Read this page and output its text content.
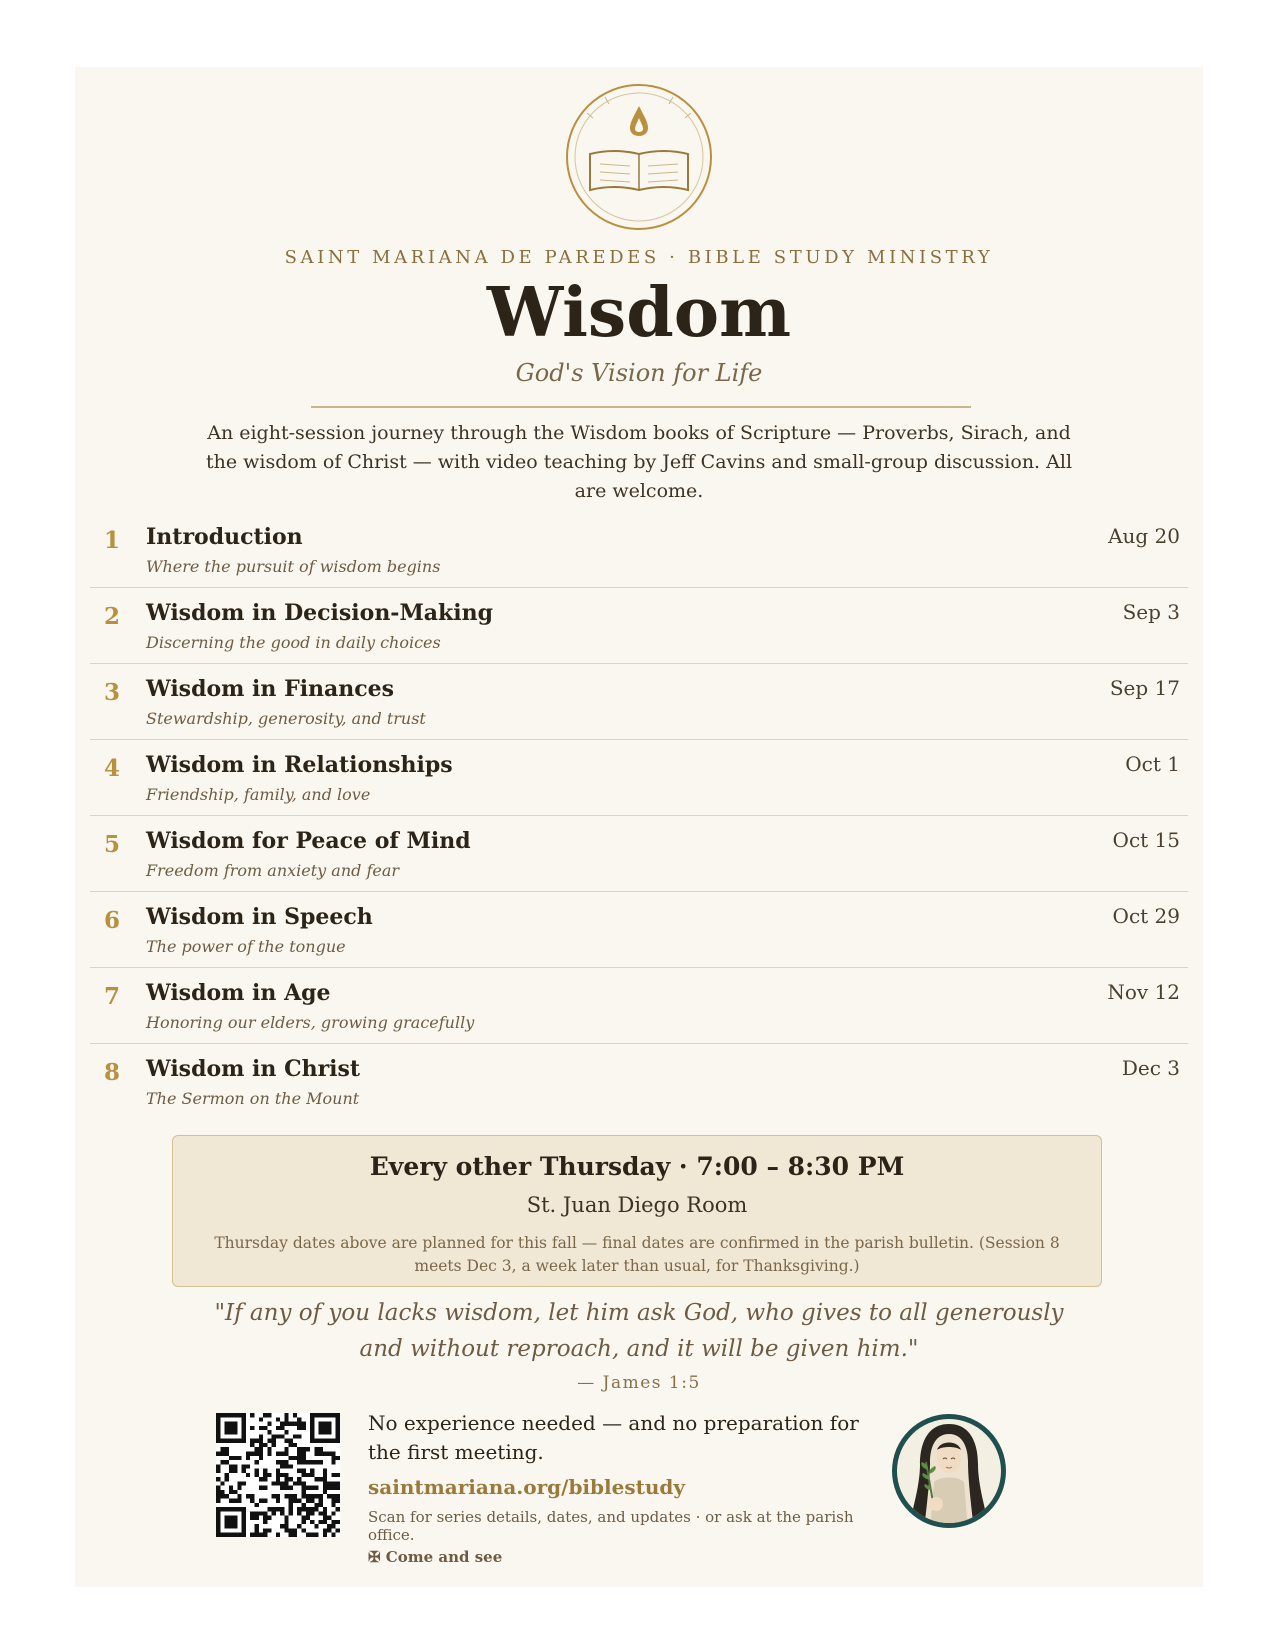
SAINT MARIANA DE PAREDES · BIBLE STUDY MINISTRY
Wisdom
God's Vision for Life
An eight-session journey through the Wisdom books of Scripture — Proverbs, Sirach, and the wisdom of Christ — with video teaching by Jeff Cavins and small-group discussion. All are welcome.
1	Introduction
Where the pursuit of wisdom begins
Aug 20
2	Wisdom in Decision-Making
Discerning the good in daily choices
Sep 3
3	Wisdom in Finances
Stewardship, generosity, and trust
Sep 17
4	Wisdom in Relationships
Friendship, family, and love
Oct 1
5	Wisdom for Peace of Mind
Freedom from anxiety and fear
Oct 15
6	Wisdom in Speech
The power of the tongue
Oct 29
7	Wisdom in Age
Honoring our elders, growing gracefully
Nov 12
8	Wisdom in Christ
The Sermon on the Mount
Dec 3
Every other Thursday · 7:00 – 8:30 PM
St. Juan Diego Room
Thursday dates above are planned for this fall — final dates are confirmed in the parish bulletin. (Session 8 meets Dec 3, a week later than usual, for Thanksgiving.)
"If any of you lacks wisdom, let him ask God, who gives to all generously and without reproach, and it will be given him."
— James 1:5
No experience needed — and no preparation for the first meeting.
saintmariana.org/biblestudy
Scan for series details, dates, and updates · or ask at the parish office.
✠ Come and see
